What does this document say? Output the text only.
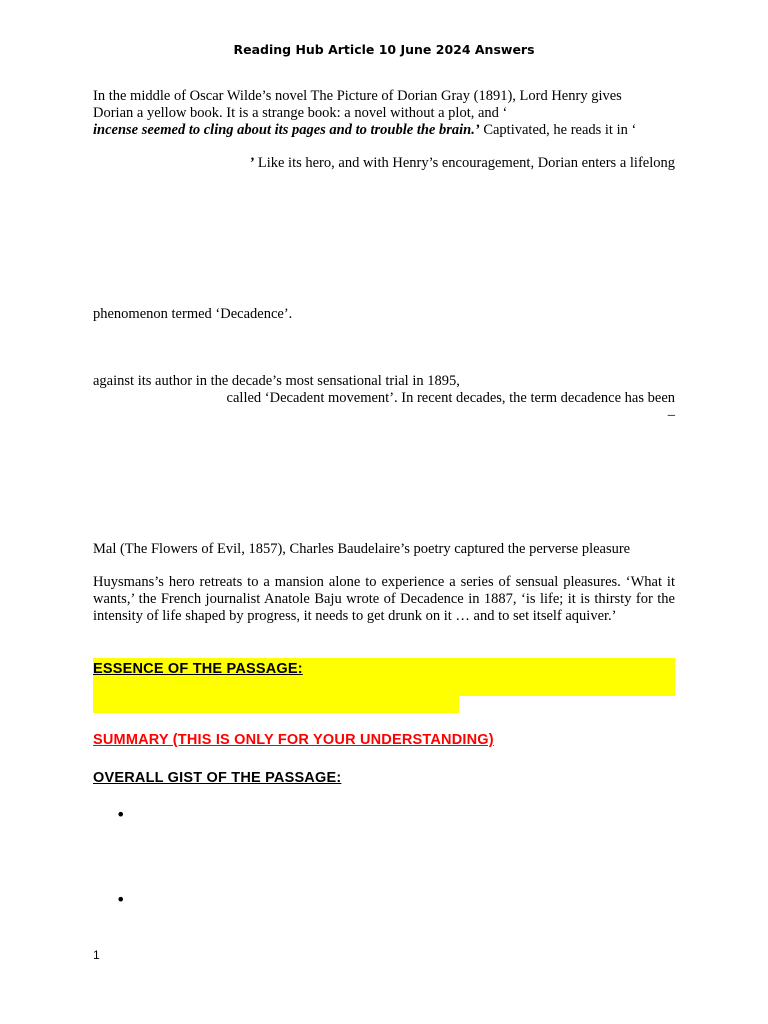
Reading Hub Article 10 June 2024 Answers
In the middle of Oscar Wilde’s novel The Picture of Dorian Gray (1891), Lord Henry gives
Dorian a yellow book. It is a strange book: a novel without a plot, and ‘
incense seemed to cling about its pages and to trouble the brain.’ Captivated, he reads it in ‘
’ Like its hero, and with Henry’s encouragement, Dorian enters a lifelong
phenomenon termed ‘Decadence’.
against its author in the decade’s most sensational trial in 1895,
called ‘Decadent movement’. In recent decades, the term decadence has been
–
Mal (The Flowers of Evil, 1857), Charles Baudelaire’s poetry captured the perverse pleasure
Huysmans’s hero retreats to a mansion alone to experience a series of sensual pleasures. ‘What it wants,’ the French journalist Anatole Baju wrote of Decadence in 1887, ‘is life; it is thirsty for the intensity of life shaped by progress, it needs to get drunk on it … and to set itself aquiver.’
ESSENCE OF THE PASSAGE:
SUMMARY (THIS IS ONLY FOR YOUR UNDERSTANDING)
OVERALL GIST OF THE PASSAGE:
•
•
1
